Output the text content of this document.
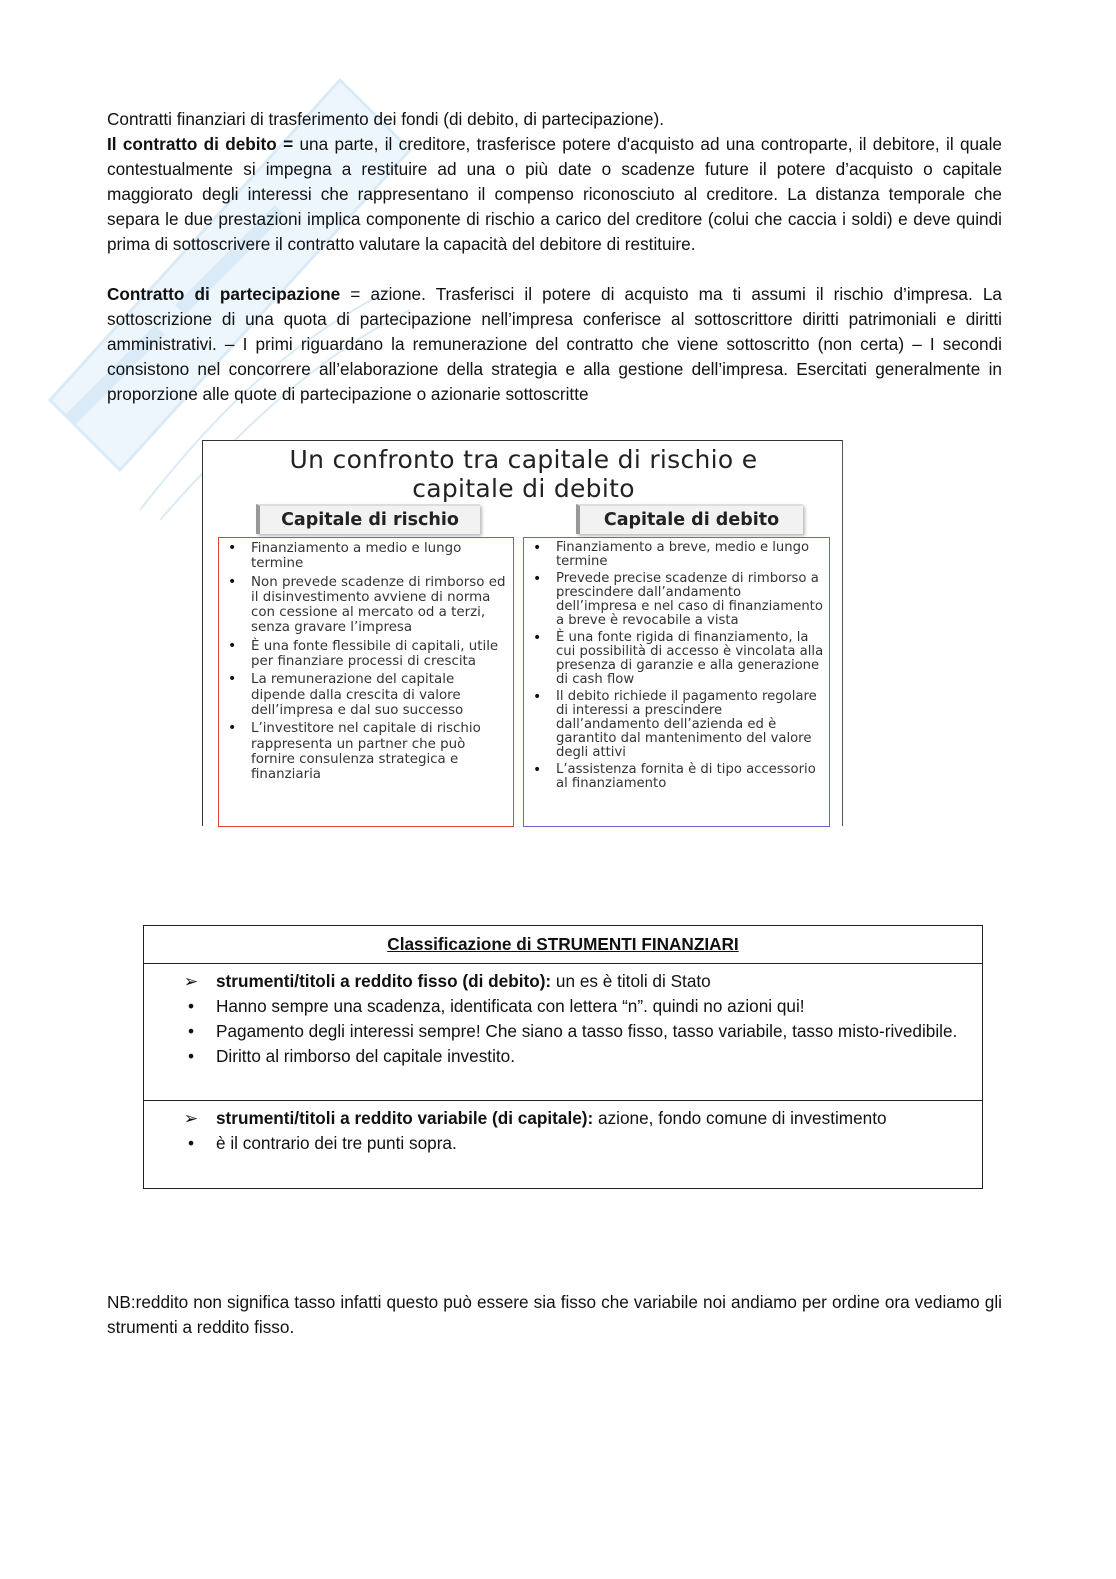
Contratti finanziari di trasferimento dei fondi (di debito, di partecipazione).

Il contratto di debito = una parte, il creditore, trasferisce potere d'acquisto ad una controparte, il debitore, il quale contestualmente si impegna a restituire ad una o più date o scadenze future il potere d’acquisto o capitale maggiorato degli interessi che rappresentano il compenso riconosciuto al creditore. La distanza temporale che separa le due prestazioni implica componente di rischio a carico del creditore (colui che caccia i soldi) e deve quindi prima di sottoscrivere il contratto valutare la capacità del debitore di restituire.

Contratto di partecipazione = azione. Trasferisci il potere di acquisto ma ti assumi il rischio d’impresa. La sottoscrizione di una quota di partecipazione nell’impresa conferisce al sottoscrittore diritti patrimoniali e diritti amministrativi. – I primi riguardano la remunerazione del contratto che viene sottoscritto (non certa) – I secondi consistono nel concorrere all’elaborazione della strategia e alla gestione dell’impresa. Esercitati generalmente in proporzione alle quote di partecipazione o azionarie sottoscritte

Un confronto tra capitale di rischio e
capitale di debito
Capitale di rischio	Capitale di debito
• Finanziamento a medio e lungo termine
• Non prevede scadenze di rimborso ed il disinvestimento avviene di norma con cessione al mercato od a terzi, senza gravare l’impresa
• È una fonte flessibile di capitali, utile per finanziare processi di crescita
• La remunerazione del capitale dipende dalla crescita di valore dell’impresa e dal suo successo
• L’investitore nel capitale di rischio rappresenta un partner che può fornire consulenza strategica e finanziaria
• Finanziamento a breve, medio e lungo termine
• Prevede precise scadenze di rimborso a prescindere dall’andamento dell’impresa e nel caso di finanziamento a breve è revocabile a vista
• È una fonte rigida di finanziamento, la cui possibilità di accesso è vincolata alla presenza di garanzie e alla generazione di cash flow
• Il debito richiede il pagamento regolare di interessi a prescindere dall’andamento dell’azienda ed è garantito dal mantenimento del valore degli attivi
• L’assistenza fornita è di tipo accessorio al finanziamento
Classificazione di STRUMENTI FINANZIARI
➢ strumenti/titoli a reddito fisso (di debito): un es è titoli di Stato
•	Hanno sempre una scadenza, identificata con lettera “n”. quindi no azioni qui!
•	Pagamento degli interessi sempre! Che siano a tasso fisso, tasso variabile, tasso misto-rivedibile.
•	Diritto al rimborso del capitale investito.
➢ strumenti/titoli a reddito variabile (di capitale): azione, fondo comune di investimento
•	è il contrario dei tre punti sopra.
NB:reddito non significa tasso infatti questo può essere sia fisso che variabile noi andiamo per ordine ora vediamo gli strumenti a reddito fisso.
